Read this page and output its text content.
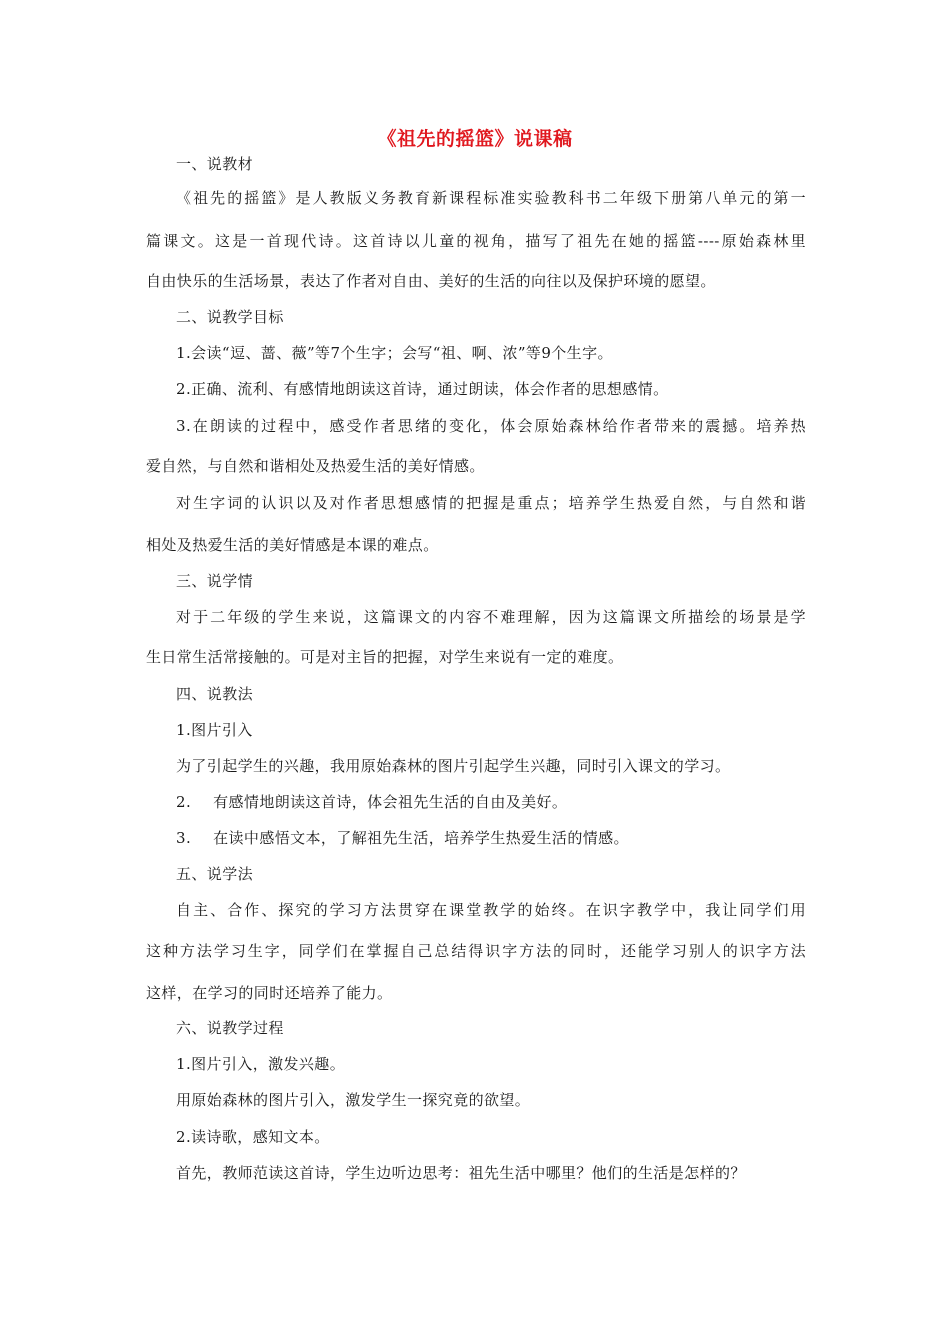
《祖先的摇篮》说课稿
一、说教材
《祖先的摇篮》是人教版义务教育新课程标准实验教科书二年级下册第八单元的第一
篇课文。这是一首现代诗。这首诗以儿童的视角，描写了祖先在她的摇篮----原始森林里
自由快乐的生活场景，表达了作者对自由、美好的生活的向往以及保护环境的愿望。
二、说教学目标
1.会读“逗、蔷、薇”等7个生字；会写“祖、啊、浓”等9个生字。
2.正确、流利、有感情地朗读这首诗，通过朗读，体会作者的思想感情。
3.在朗读的过程中，感受作者思绪的变化，体会原始森林给作者带来的震撼。培养热
爱自然，与自然和谐相处及热爱生活的美好情感。
对生字词的认识以及对作者思想感情的把握是重点；培养学生热爱自然，与自然和谐
相处及热爱生活的美好情感是本课的难点。
三、说学情
对于二年级的学生来说，这篇课文的内容不难理解，因为这篇课文所描绘的场景是学
生日常生活常接触的。可是对主旨的把握，对学生来说有一定的难度。
四、说教法
1.图片引入
为了引起学生的兴趣，我用原始森林的图片引起学生兴趣，同时引入课文的学习。
2. 有感情地朗读这首诗，体会祖先生活的自由及美好。
3. 在读中感悟文本，了解祖先生活，培养学生热爱生活的情感。
五、说学法
自主、合作、探究的学习方法贯穿在课堂教学的始终。在识字教学中，我让同学们用
这种方法学习生字，同学们在掌握自己总结得识字方法的同时，还能学习别人的识字方法
这样，在学习的同时还培养了能力。
六、说教学过程
1.图片引入，激发兴趣。
用原始森林的图片引入，激发学生一探究竟的欲望。
2.读诗歌，感知文本。
首先，教师范读这首诗，学生边听边思考：祖先生活中哪里？他们的生活是怎样的？
